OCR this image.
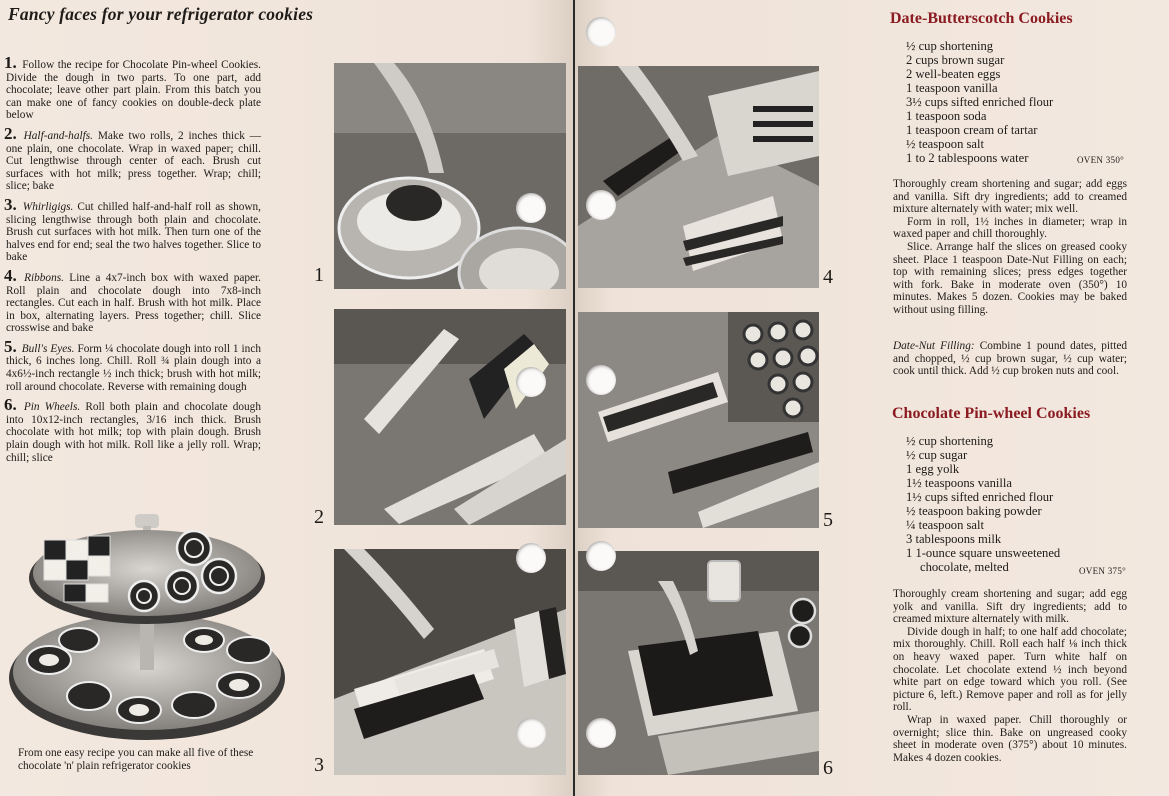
Fancy faces for your refrigerator cookies

1. Follow the recipe for Chocolate Pin-wheel Cookies. Divide the dough in two parts. To one part, add chocolate; leave other part plain. From this batch you can make one of fancy cookies on double-deck plate below

2. Half-and-halfs. Make two rolls, 2 inches thick — one plain, one chocolate. Wrap in waxed paper; chill. Cut lengthwise through center of each. Brush cut surfaces with hot milk; press together. Wrap; chill; slice; bake

3. Whirligigs. Cut chilled half-and-half roll as shown, slicing lengthwise through both plain and chocolate. Brush cut surfaces with hot milk. Then turn one of the halves end for end; seal the two halves together. Slice to bake

4. Ribbons. Line a 4x7-inch box with waxed paper. Roll plain and chocolate dough into 7x8-inch rectangles. Cut each in half. Brush with hot milk. Place in box, alternating layers. Press together; chill. Slice crosswise and bake

5. Bull's Eyes. Form ¼ chocolate dough into roll 1 inch thick, 6 inches long. Chill. Roll ¾ plain dough into a 4x6½-inch rectangle ½ inch thick; brush with hot milk; roll around chocolate. Reverse with remaining dough

6. Pin Wheels. Roll both plain and chocolate dough into 10x12-inch rectangles, 3/16 inch thick. Brush chocolate with hot milk; top with plain dough. Brush plain dough with hot milk. Roll like a jelly roll. Wrap; chill; slice

From one easy recipe you can make all five of these chocolate 'n' plain refrigerator cookies
1
2
3
4
5
6
Date-Butterscotch Cookies
½ cup shortening
2 cups brown sugar
2 well-beaten eggs
1 teaspoon vanilla
3½ cups sifted enriched flour
1 teaspoon soda
1 teaspoon cream of tartar
½ teaspoon salt
1 to 2 tablespoons water	OVEN 350°

Thoroughly cream shortening and sugar; add eggs and vanilla. Sift dry ingredients; add to creamed mixture alternately with water; mix well.

Form in roll, 1½ inches in diameter; wrap in waxed paper and chill thoroughly.

Slice. Arrange half the slices on greased cooky sheet. Place 1 teaspoon Date-Nut Filling on each; top with remaining slices; press edges together with fork. Bake in moderate oven (350°) 10 minutes. Makes 5 dozen. Cookies may be baked without using filling.

Date-Nut Filling: Combine 1 pound dates, pitted and chopped, ½ cup brown sugar, ½ cup water; cook until thick. Add ½ cup broken nuts and cool.

Chocolate Pin-wheel Cookies
½ cup shortening
½ cup sugar
1 egg yolk
1½ teaspoons vanilla
1½ cups sifted enriched flour
½ teaspoon baking powder
¼ teaspoon salt
3 tablespoons milk
1 1-ounce square unsweetened
chocolate, melted	OVEN 375°

Thoroughly cream shortening and sugar; add egg yolk and vanilla. Sift dry ingredients; add to creamed mixture alternately with milk.

Divide dough in half; to one half add chocolate; mix thoroughly. Chill. Roll each half ⅛ inch thick on heavy waxed paper. Turn white half on chocolate. Let chocolate extend ½ inch beyond white part on edge toward which you roll. (See picture 6, left.) Remove paper and roll as for jelly roll.

Wrap in waxed paper. Chill thoroughly or overnight; slice thin. Bake on ungreased cooky sheet in moderate oven (375°) about 10 minutes. Makes 4 dozen cookies.
